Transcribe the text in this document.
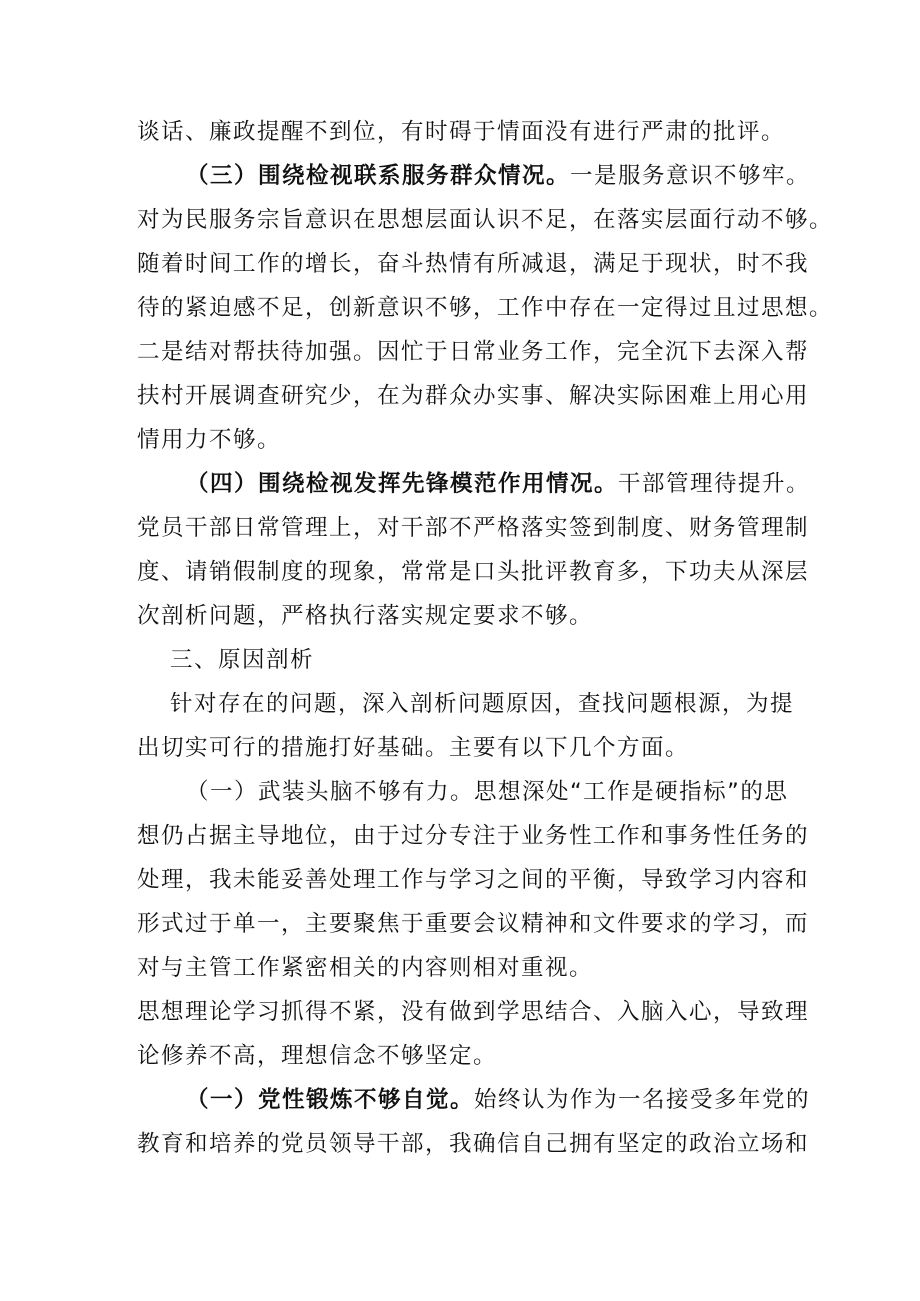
谈话、廉政提醒不到位，有时碍于情面没有进行严肃的批评。
（三）围绕检视联系服务群众情况。一是服务意识不够牢。
对为民服务宗旨意识在思想层面认识不足，在落实层面行动不够。
随着时间工作的增长，奋斗热情有所减退，满足于现状，时不我
待的紧迫感不足，创新意识不够，工作中存在一定得过且过思想。
二是结对帮扶待加强。因忙于日常业务工作，完全沉下去深入帮
扶村开展调查研究少，在为群众办实事、解决实际困难上用心用
情用力不够。
（四）围绕检视发挥先锋模范作用情况。干部管理待提升。
党员干部日常管理上，对干部不严格落实签到制度、财务管理制
度、请销假制度的现象，常常是口头批评教育多，下功夫从深层
次剖析问题，严格执行落实规定要求不够。
三、原因剖析
针对存在的问题，深入剖析问题原因，查找问题根源，为提
出切实可行的措施打好基础。主要有以下几个方面。
（一）武装头脑不够有力。思想深处“工作是硬指标”的思
想仍占据主导地位，由于过分专注于业务性工作和事务性任务的
处理，我未能妥善处理工作与学习之间的平衡，导致学习内容和
形式过于单一，主要聚焦于重要会议精神和文件要求的学习，而
对与主管工作紧密相关的内容则相对重视。
思想理论学习抓得不紧，没有做到学思结合、入脑入心，导致理
论修养不高，理想信念不够坚定。
（一）党性锻炼不够自觉。始终认为作为一名接受多年党的
教育和培养的党员领导干部，我确信自己拥有坚定的政治立场和
